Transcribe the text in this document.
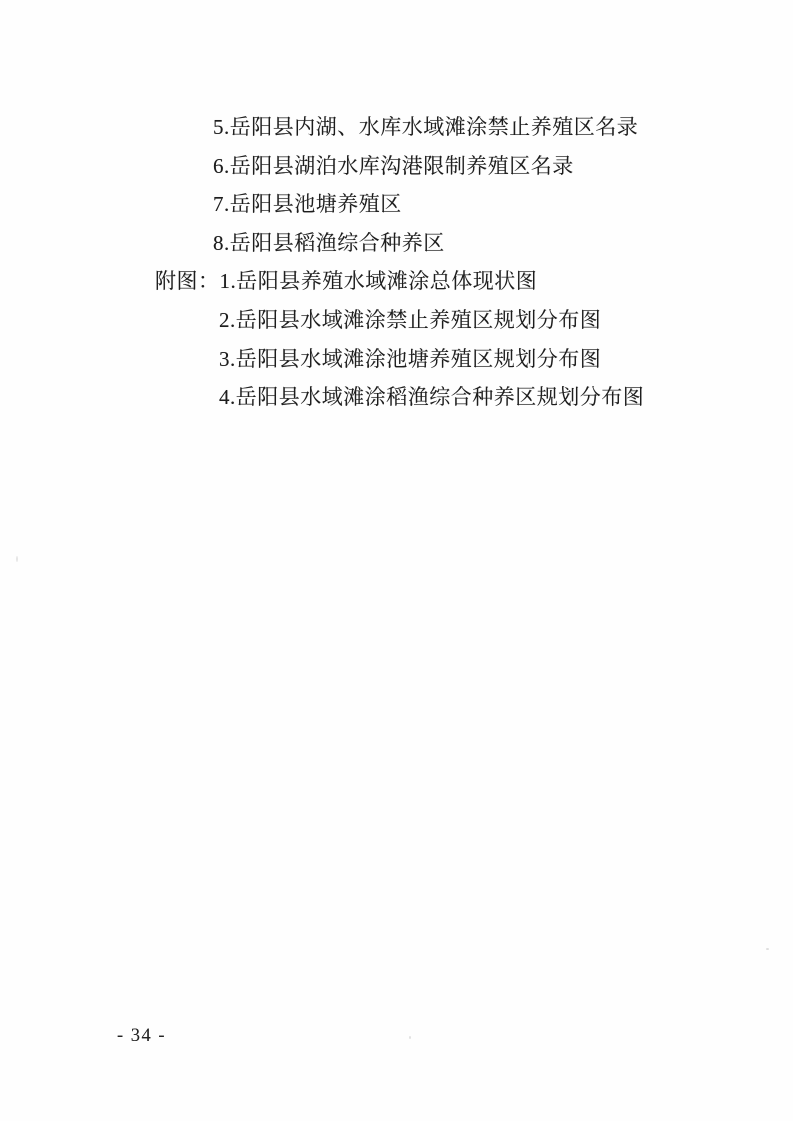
5.岳阳县内湖、水库水域滩涂禁止养殖区名录
6.岳阳县湖泊水库沟港限制养殖区名录
7.岳阳县池塘养殖区
8.岳阳县稻渔综合种养区
附图：1.岳阳县养殖水域滩涂总体现状图
2.岳阳县水域滩涂禁止养殖区规划分布图
3.岳阳县水域滩涂池塘养殖区规划分布图
4.岳阳县水域滩涂稻渔综合种养区规划分布图
- 34 -
